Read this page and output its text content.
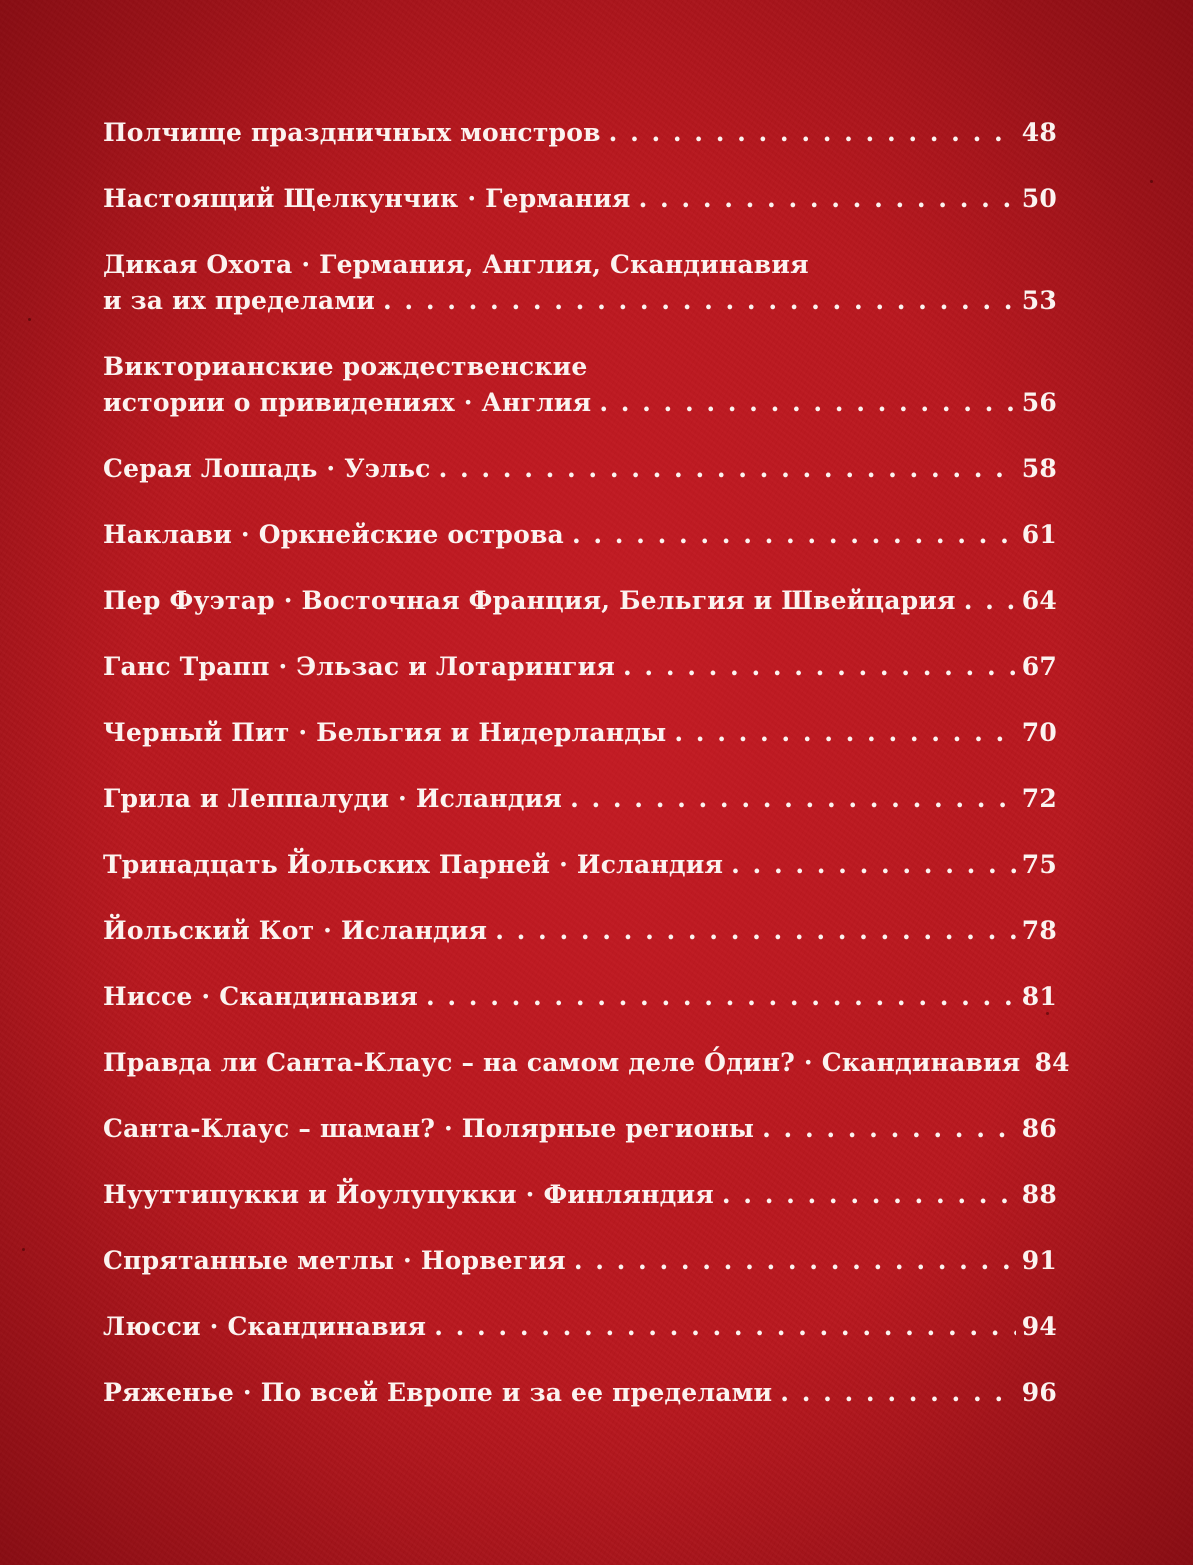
Полчище праздничных монстров . . .	48
Настоящий Щелкунчик · Германия . . .	50
Дикая Охота · Германия, Англия, Скандинавия
и за их пределами . . .	53
Викторианские рождественские
истории о привидениях · Англия . . .	56
Серая Лошадь · Уэльс . . .	58
Наклави · Оркнейские острова . . .	61
Пер Фуэтар · Восточная Франция, Бельгия и Швейцария . . .	64
Ганс Трапп · Эльзас и Лотарингия . . .	67
Черный Пит · Бельгия и Нидерланды . . .	70
Грила и Леппалуди · Исландия . . .	72
Тринадцать Йольских Парней · Исландия . . .	75
Йольский Кот · Исландия . . .	78
Ниссе · Скандинавия . . .	81
Правда ли Санта-Клаус – на самом деле О́дин? · Скандинавия 84
Санта-Клаус – шаман? · Полярные регионы . . .	86
Нууттипукки и Йоулупукки · Финляндия . . .	88
Спрятанные метлы · Норвегия . . .	91
Люсси · Скандинавия . . .	94
Ряженье · По всей Европе и за ее пределами . . .	96
